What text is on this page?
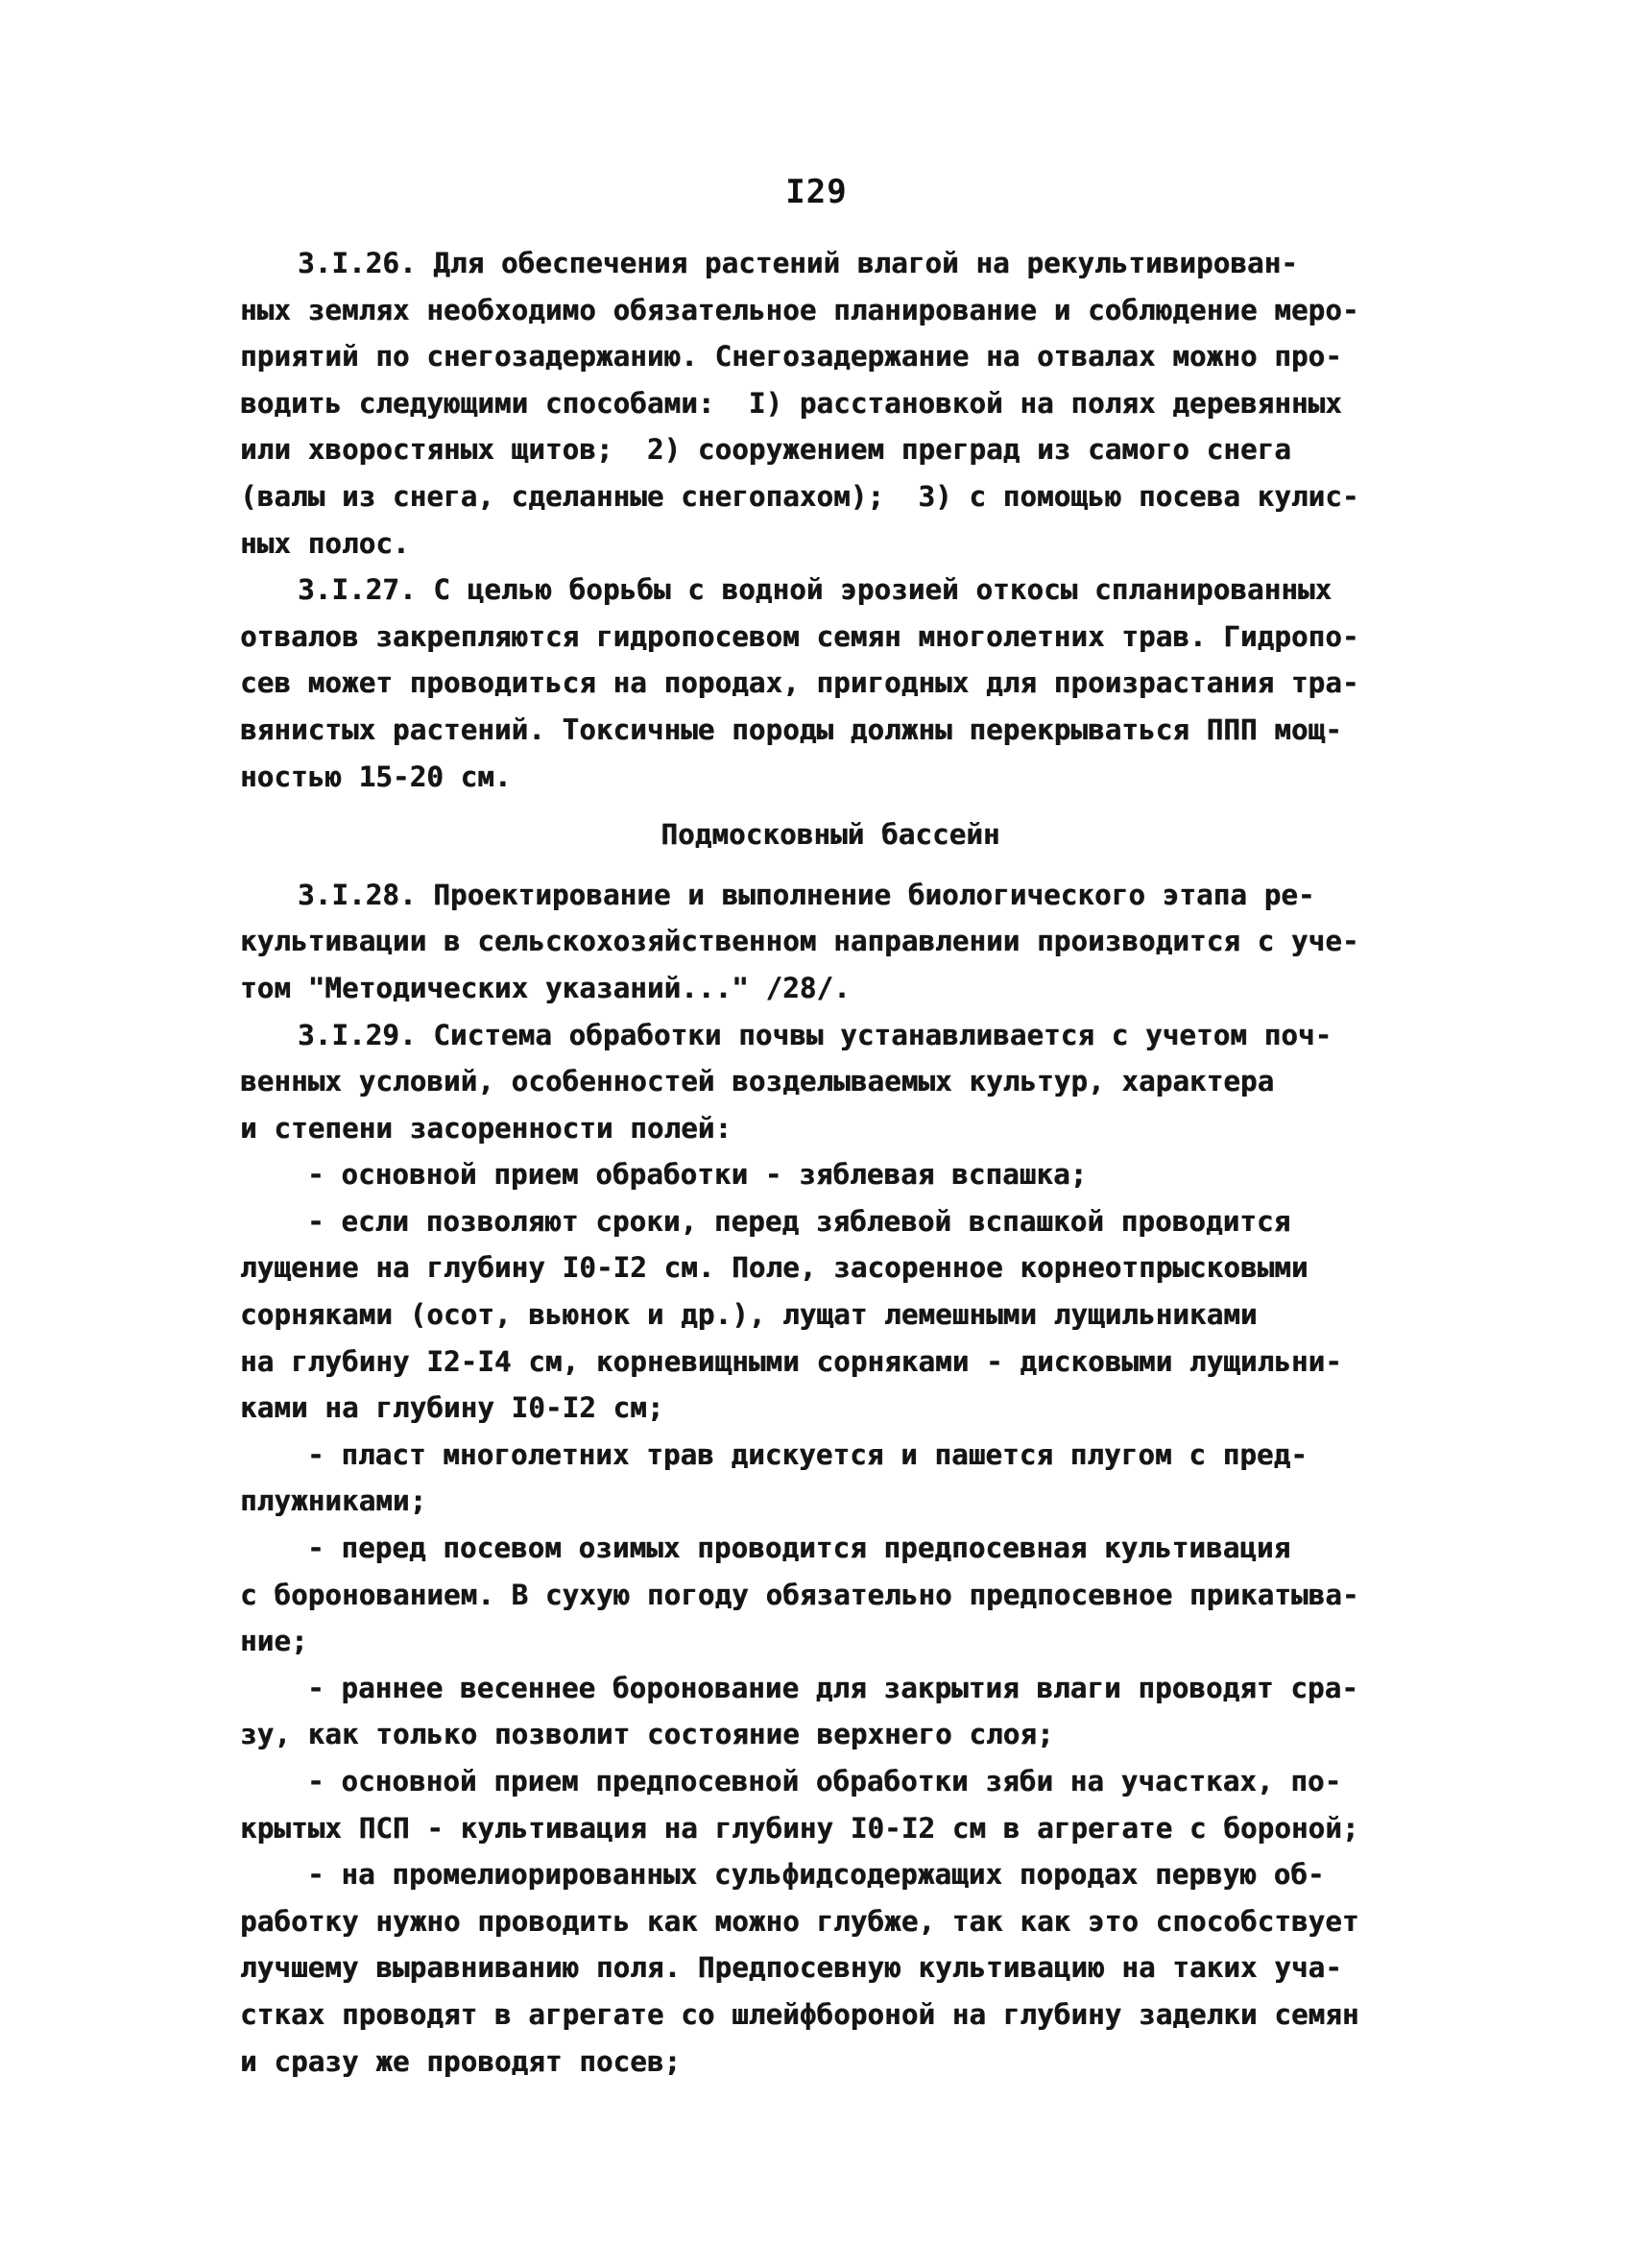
I29
3.I.26. Для обеспечения растений влагой на рекультивирован-
ных землях необходимо обязательное планирование и соблюдение меро-
приятий по снегозадержанию. Снегозадержание на отвалах можно про-
водить следующими способами:  I) расстановкой на полях деревянных
или хворостяных щитов;  2) сооружением преград из самого снега
(валы из снега, сделанные снегопахом);  3) с помощью посева кулис-
ных полос.
3.I.27. С целью борьбы с водной эрозией откосы спланированных
отвалов закрепляются гидропосевом семян многолетних трав. Гидропо-
сев может проводиться на породах, пригодных для произрастания тра-
вянистых растений. Токсичные породы должны перекрываться ППП мощ-
ностью 15-20 см.
Подмосковный бассейн
3.I.28. Проектирование и выполнение биологического этапа ре-
культивации в сельскохозяйственном направлении производится с уче-
том "Методических указаний..." /28/.
3.I.29. Система обработки почвы устанавливается с учетом поч-
венных условий, особенностей возделываемых культур, характера
и степени засоренности полей:
- основной прием обработки - зяблевая вспашка;
- если позволяют сроки, перед зяблевой вспашкой проводится
лущение на глубину I0-I2 см. Поле, засоренное корнеотпрысковыми
сорняками (осот, вьюнок и др.), лущат лемешными лущильниками
на глубину I2-I4 см, корневищными сорняками - дисковыми лущильни-
ками на глубину I0-I2 см;
- пласт многолетних трав дискуется и пашется плугом с пред-
плужниками;
- перед посевом озимых проводится предпосевная культивация
с боронованием. В сухую погоду обязательно предпосевное прикатыва-
ние;
- раннее весеннее боронование для закрытия влаги проводят сра-
зу, как только позволит состояние верхнего слоя;
- основной прием предпосевной обработки зяби на участках, по-
крытых ПСП - культивация на глубину I0-I2 см в агрегате с бороной;
- на промелиорированных сульфидсодержащих породах первую об-
работку нужно проводить как можно глубже, так как это способствует
лучшему выравниванию поля. Предпосевную культивацию на таких уча-
стках проводят в агрегате со шлейфбороной на глубину заделки семян
и сразу же проводят посев;
